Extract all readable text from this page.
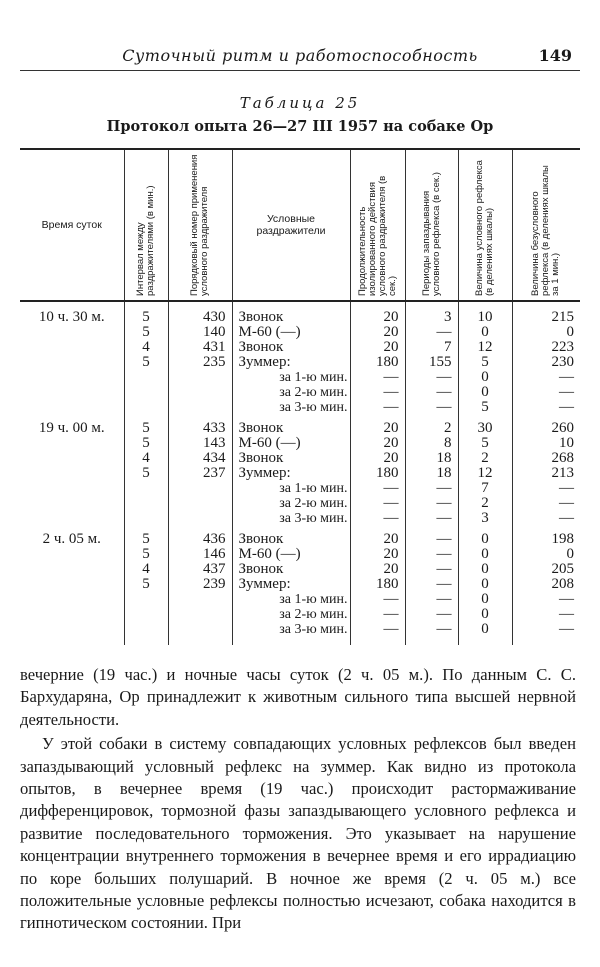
Суточный ритм и работоспособность	149
Таблица 25
Протокол опыта 26—27 III 1957 на собаке Ор
Время суток	Интервал между раздражителями (в мин.)	Порядковый номер применения условного раздражителя	Условные раздражители	Продолжительность изолированного действия условного раздражителя (в сек.)	Периоды запаздывания условного рефлекса (в сек.)	Величина условного рефлекса (в делениях шкалы)	Величина безусловного рефлекса (в делениях шкалы за 1 мин.)

10 ч. 30 м.	5	430	Звонок	20	3	10	215
	5	140	М-60 (—)	20	—	0	0
	4	431	Звонок	20	7	12	223
	5	235	Зуммер:	180	155	5	230
			за 1-ю мин.	—	—	0	—
			за 2-ю мин.	—	—	0	—
			за 3-ю мин.	—	—	5	—
19 ч. 00 м.	5	433	Звонок	20	2	30	260
	5	143	М-60 (—)	20	8	5	10
	4	434	Звонок	20	18	2	268
	5	237	Зуммер:	180	18	12	213
			за 1-ю мин.	—	—	7	—
			за 2-ю мин.	—	—	2	—
			за 3-ю мин.	—	—	3	—
2 ч. 05 м.	5	436	Звонок	20	—	0	198
	5	146	М-60 (—)	20	—	0	0
	4	437	Звонок	20	—	0	205
	5	239	Зуммер:	180	—	0	208
			за 1-ю мин.	—	—	0	—
			за 2-ю мин.	—	—	0	—
			за 3-ю мин.	—	—	0	—

вечерние (19 час.) и ночные часы суток (2 ч. 05 м.). По данным С. С. Бархударяна, Ор принадлежит к животным сильного типа высшей нервной деятельности.

У этой собаки в систему совпадающих условных рефлексов был введен запаздывающий условный рефлекс на зуммер. Как видно из протокола опытов, в вечернее время (19 час.) происходит растормаживание дифференцировок, тормозной фазы запаздывающего условного рефлекса и развитие последовательного торможения. Это указывает на нарушение концентрации внутреннего торможения в вечернее время и его иррадиацию по коре больших полушарий. В ночное же время (2 ч. 05 м.) все положительные условные рефлексы полностью исчезают, собака находится в гипнотическом состоянии. При
